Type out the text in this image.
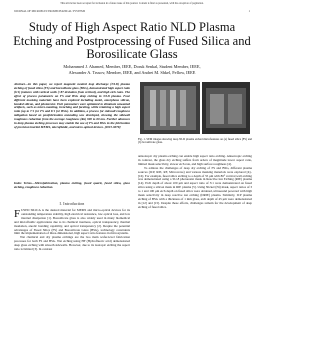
This article has been accepted for inclusion in a future issue of this journal. Content is final as presented, with the exception of pagination.
JOURNAL OF MICROELECTROMECHANICAL SYSTEMS	1
Study of High Aspect Ratio NLD Plasma Etching and Postprocessing of Fused Silica and Borosilicate Glass
Mohammed J. Ahamed, Member, IEEE, Doruk Senkal, Student Member, IEEE,
Alexander A. Trusov, Member, IEEE, and Andrei M. Shkel, Fellow, IEEE
Abstract—In this paper, we report magnetic neutral loop discharge (NLD) plasma etching of fused silica (FS) and borosilicate glass (BSG), demonstrated high aspect ratio (6:1) features with vertical walls (>87 deviation from vertical), and high etch rates. The effect of process parameters on FS and BSG deep etching in NLD plasma. Four different masking materials have been explored including metal, amorphous silicon, bonded silicon, and photoresist. Etch parameters were optimized to eliminate unwanted artifacts, such as micro-masking, trenching and faceting, while retaining a high aspect ratio (up to 7:1 for FS and 8:1 for BSG). In addition, a process for sidewall roughness mitigation based on postfabrication annealing was developed, showing the sidewall roughness reduction from the average roughness (Ra) 900 to 60 nm. Further advances in deep plasma etching processes may enable the use of FS and BSG in the fabrication of precision inertial MEMS, microfluidic, and micro-optical devices. [2015-0078]
Index Terms—Microfabrication, plasma etching, fused quartz, fused silica, glass etching, roughness reduction.
I. Introduction

FUSED SILICA is the desired material for MEMS and micro-optical devices for its outstanding temperature stability, high electrical resistance, low optical loss, and low internal dissipation [1]. Borosilicate glass is also widely used in many biomedical and microfluidic applications due to its chemical inertness, optical transparency, thermal insulation, anodic bonding capability, and optical transparency [2]. Despite the potential advantages of Fused Silica (FS) and Borosilicate Glass (BSG), technology constraints limit the implementation of three-dimensional, high aspect ratio features in microsystems.

Wet chemical and dry plasma etchings are the two main wafer-level fabrication processes for both FS and BSG. Wet etching using HF (Hydrofluoric acid) demonstrated deep glass etching with smooth sidewalls. However, due to its isotropic etching the aspect ratio is limited [3]. In contrast

Fig. 1. SEM images showing deep NLD plasma etched microfeatures on (a) fused silica (FS) and (b) borosilicate glass.

anisotropic dry plasma etching can enable high aspect ratio etching. Anisotropic etching in contrast, the glass dry etching suffers from orders of magnitude lower aspect ratio, limited mask selectivity, slower etch rate, and high surface roughness [4].

To address the challenges of deep dry etching of FS and BSG, different plasma sources (ICP, RIE, RF, Microwave) and various masking materials were explored [4]–[16]. For example, fused silica etching to a depth of 55 μm with 86° vertical wall etching was demonstrated using a SU-8 photoresist mask in Reactive Ion Etching (RIE) plasma [14]. Etch depth of about 100 μm and aspect ratio of 3:1 were demonstrated on fused silica using a silicon mask in RIE plasma [5]. Using Nickel (Ni) mask, aspect ratios of 3 to 1 and 100 μm etch depth on fused silica were obtained, ultrasound powered with high mask selectivity in deep reactive ion etching (DRIE) plasma. Similarly, ICP plasma etching of BSG with a thickness of 1 mm glass, etch depth of 45 μm were demonstrated in [12] and [15]. Despite these efforts, challenges remain for the development of deep etching of fused silica.
